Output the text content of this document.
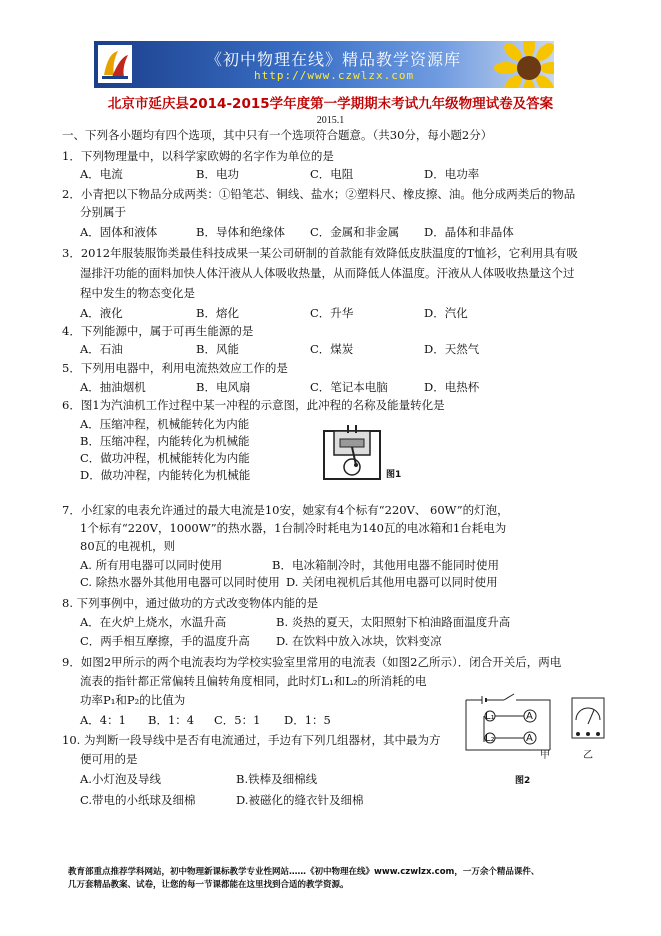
《初中物理在线》精品教学资源库
http://www.czwlzx.com
北京市延庆县2014-2015学年度第一学期期末考试九年级物理试卷及答案
2015.1
一、下列各小题均有四个选项，其中只有一个选项符合题意。（共30分，每小题2分）
1．下列物理量中，以科学家欧姆的名字作为单位的是
A．电流	B．电功	C．电阻	D．电功率
2．小青把以下物品分成两类：①铅笔芯、铜线、盐水；②塑料尺、橡皮擦、油。他分成两类后的物品
分别属于
A．固体和液体	B．导体和绝缘体 C．金属和非金属 D．晶体和非晶体
3．2012年服装服饰类最佳科技成果一某公司研制的首款能有效降低皮肤温度的T恤衫，它利用具有吸
湿排汗功能的面料加快人体汗液从人体吸收热量，从而降低人体温度。汗液从人体吸收热量这个过
程中发生的物态变化是
A．液化	B．熔化	C．升华	D．汽化
4．下列能源中，属于可再生能源的是
A．石油	B．风能	C．煤炭	D．天然气
5．下列用电器中，利用电流热效应工作的是
A．抽油烟机	B．电风扇	C．笔记本电脑	D．电热杯
6．图1为汽油机工作过程中某一冲程的示意图，此冲程的名称及能量转化是
A．压缩冲程，机械能转化为内能
B．压缩冲程，内能转化为机械能
C．做功冲程，机械能转化为内能
D．做功冲程，内能转化为机械能	图1
7．小红家的电表允许通过的最大电流是10安，她家有4个标有“220V、 60W”的灯泡，
1个标有“220V，1000W”的热水器，1台制冷时耗电为140瓦的电冰箱和1台耗电为
80瓦的电视机，则
A. 所有用电器可以同时使用	B．电冰箱制冷时，其他用电器不能同时使用
C. 除热水器外其他用电器可以同时使用 D. 关闭电视机后其他用电器可以同时使用
8. 下列事例中，通过做功的方式改变物体内能的是
A．在火炉上烧水，水温升高	B. 炎热的夏天，太阳照射下柏油路面温度升高
C．两手相互摩擦，手的温度升高 D. 在饮料中放入冰块，饮料变凉
9．如图2甲所示的两个电流表均为学校实验室里常用的电流表（如图2乙所示）．闭合开关后，两电
流表的指针都正常偏转且偏转角度相同，此时灯L₁和L₂的所消耗的电
功率P₁和P₂的比值为
A．4：1 B．1：4 C．5：1 D．1：5	L₁
L₂
A
A
甲	乙
图2
10. 为判断一段导线中是否有电流通过，手边有下列几组器材，其中最为方
便可用的是
A.小灯泡及导线	B.铁棒及细棉线
C.带电的小纸球及细棉	D.被磁化的缝衣针及细棉
教育部重点推荐学科网站，初中物理新课标教学专业性网站……《初中物理在线》www.czwlzx.com，一万余个精品课件、
几万套精品教案、试卷，让您的每一节课都能在这里找到合适的教学资源。
